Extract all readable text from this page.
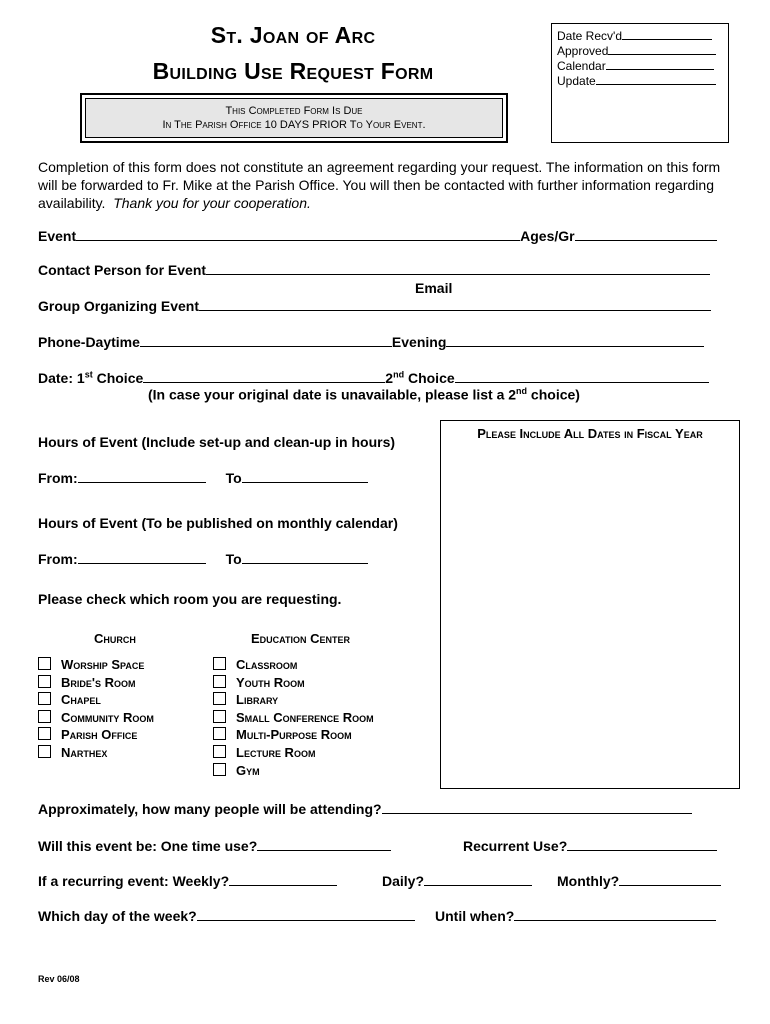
St. Joan of Arc
Building Use Request Form
This Completed Form Is Due
In The Parish Office 10 DAYS PRIOR To Your Event.
Date Recv'd
Approved
Calendar
Update
Completion of this form does not constitute an agreement regarding your request. The information on this form will be forwarded to Fr. Mike at the Parish Office. You will then be contacted with further information regarding availability. Thank you for your cooperation.
Event	Ages/Gr
Contact Person for Event
Email
Group Organizing Event
Phone-Daytime	Evening
Date: 1st Choice	2nd Choice
(In case your original date is unavailable, please list a 2nd choice)
Hours of Event (Include set-up and clean-up in hours)
From:	To
Hours of Event (To be published on monthly calendar)
From:	To
Please check which room you are requesting.
Church
Worship Space
Bride's Room
Chapel
Community Room
Parish Office
Narthex
Education Center
Classroom
Youth Room
Library
Small Conference Room
Multi-Purpose Room
Lecture Room
Gym
Please Include All Dates in Fiscal Year
Approximately, how many people will be attending?
Will this event be: One time use?	Recurrent Use?
If a recurring event: Weekly?	Daily?	Monthly?
Which day of the week?	Until when?
Rev 06/08
